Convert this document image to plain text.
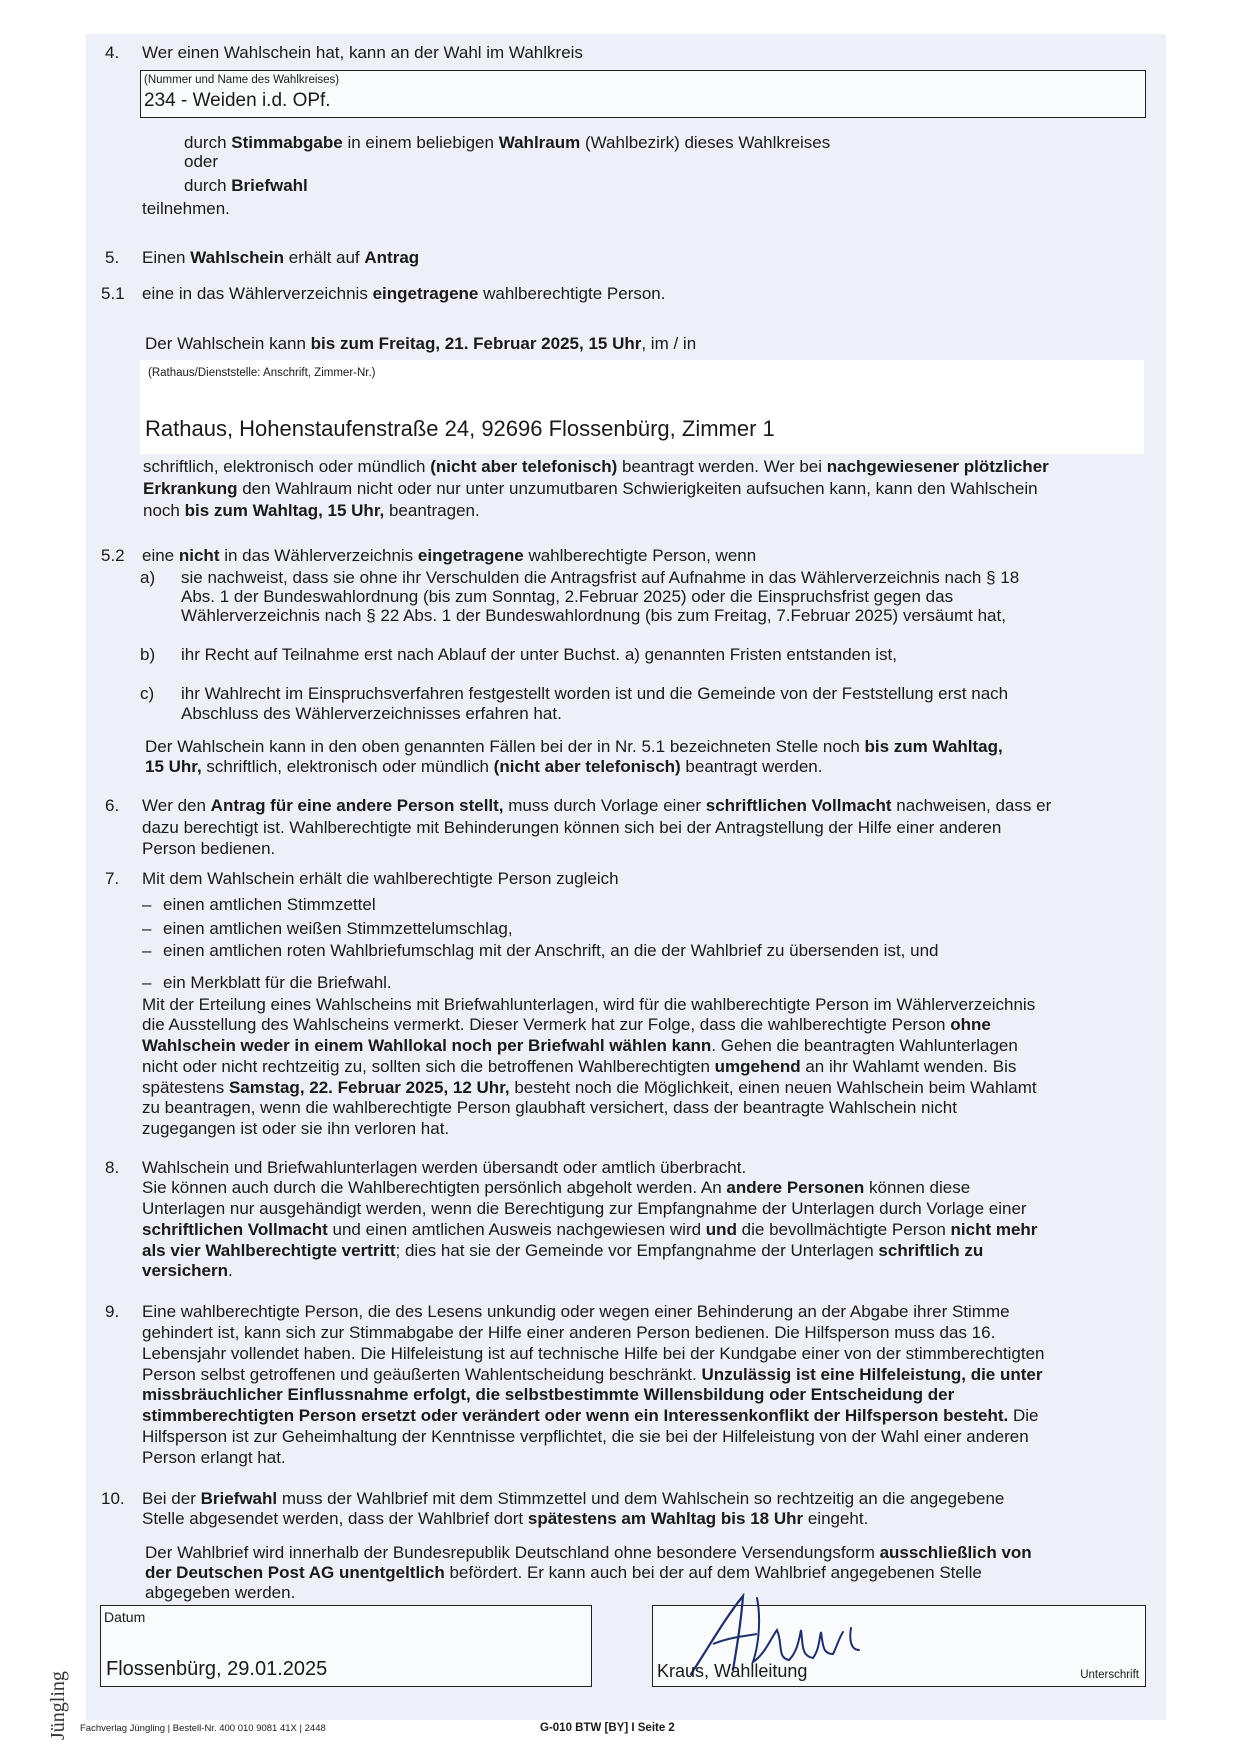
4. Wer einen Wahlschein hat, kann an der Wahl im Wahlkreis
(Nummer und Name des Wahlkreises)
234 - Weiden i.d. OPf.
durch Stimmabgabe in einem beliebigen Wahlraum (Wahlbezirk) dieses Wahlkreises
oder
durch Briefwahl
teilnehmen.
5. Einen Wahlschein erhält auf Antrag
5.1 eine in das Wählerverzeichnis eingetragene wahlberechtigte Person.
Der Wahlschein kann bis zum Freitag, 21. Februar 2025, 15 Uhr, im / in
(Rathaus/Dienststelle: Anschrift, Zimmer-Nr.)
Rathaus, Hohenstaufenstraße 24, 92696 Flossenbürg, Zimmer 1
schriftlich, elektronisch oder mündlich (nicht aber telefonisch) beantragt werden. Wer bei nachgewiesener plötzlicher
Erkrankung den Wahlraum nicht oder nur unter unzumutbaren Schwierigkeiten aufsuchen kann, kann den Wahlschein
noch bis zum Wahltag, 15 Uhr, beantragen.
5.2 eine nicht in das Wählerverzeichnis eingetragene wahlberechtigte Person, wenn
a) sie nachweist, dass sie ohne ihr Verschulden die Antragsfrist auf Aufnahme in das Wählerverzeichnis nach § 18
Abs. 1 der Bundeswahlordnung (bis zum Sonntag, 2.Februar 2025) oder die Einspruchsfrist gegen das
Wählerverzeichnis nach § 22 Abs. 1 der Bundeswahlordnung (bis zum Freitag, 7.Februar 2025) versäumt hat,
b) ihr Recht auf Teilnahme erst nach Ablauf der unter Buchst. a) genannten Fristen entstanden ist,
c) ihr Wahlrecht im Einspruchsverfahren festgestellt worden ist und die Gemeinde von der Feststellung erst nach
Abschluss des Wählerverzeichnisses erfahren hat.
Der Wahlschein kann in den oben genannten Fällen bei der in Nr. 5.1 bezeichneten Stelle noch bis zum Wahltag,
15 Uhr, schriftlich, elektronisch oder mündlich (nicht aber telefonisch) beantragt werden.
6. Wer den Antrag für eine andere Person stellt, muss durch Vorlage einer schriftlichen Vollmacht nachweisen, dass er
dazu berechtigt ist. Wahlberechtigte mit Behinderungen können sich bei der Antragstellung der Hilfe einer anderen
Person bedienen.
7. Mit dem Wahlschein erhält die wahlberechtigte Person zugleich
– einen amtlichen Stimmzettel
– einen amtlichen weißen Stimmzettelumschlag,
– einen amtlichen roten Wahlbriefumschlag mit der Anschrift, an die der Wahlbrief zu übersenden ist, und
– ein Merkblatt für die Briefwahl.
Mit der Erteilung eines Wahlscheins mit Briefwahlunterlagen, wird für die wahlberechtigte Person im Wählerverzeichnis
die Ausstellung des Wahlscheins vermerkt. Dieser Vermerk hat zur Folge, dass die wahlberechtigte Person ohne
Wahlschein weder in einem Wahllokal noch per Briefwahl wählen kann. Gehen die beantragten Wahlunterlagen
nicht oder nicht rechtzeitig zu, sollten sich die betroffenen Wahlberechtigten umgehend an ihr Wahlamt wenden. Bis
spätestens Samstag, 22. Februar 2025, 12 Uhr, besteht noch die Möglichkeit, einen neuen Wahlschein beim Wahlamt
zu beantragen, wenn die wahlberechtigte Person glaubhaft versichert, dass der beantragte Wahlschein nicht
zugegangen ist oder sie ihn verloren hat.
8. Wahlschein und Briefwahlunterlagen werden übersandt oder amtlich überbracht.
Sie können auch durch die Wahlberechtigten persönlich abgeholt werden. An andere Personen können diese
Unterlagen nur ausgehändigt werden, wenn die Berechtigung zur Empfangnahme der Unterlagen durch Vorlage einer
schriftlichen Vollmacht und einen amtlichen Ausweis nachgewiesen wird und die bevollmächtigte Person nicht mehr
als vier Wahlberechtigte vertritt; dies hat sie der Gemeinde vor Empfangnahme der Unterlagen schriftlich zu
versichern.
9. Eine wahlberechtigte Person, die des Lesens unkundig oder wegen einer Behinderung an der Abgabe ihrer Stimme
gehindert ist, kann sich zur Stimmabgabe der Hilfe einer anderen Person bedienen. Die Hilfsperson muss das 16.
Lebensjahr vollendet haben. Die Hilfeleistung ist auf technische Hilfe bei der Kundgabe einer von der stimmberechtigten
Person selbst getroffenen und geäußerten Wahlentscheidung beschränkt. Unzulässig ist eine Hilfeleistung, die unter
missbräuchlicher Einflussnahme erfolgt, die selbstbestimmte Willensbildung oder Entscheidung der
stimmberechtigten Person ersetzt oder verändert oder wenn ein Interessenkonflikt der Hilfsperson besteht. Die
Hilfsperson ist zur Geheimhaltung der Kenntnisse verpflichtet, die sie bei der Hilfeleistung von der Wahl einer anderen
Person erlangt hat.
10. Bei der Briefwahl muss der Wahlbrief mit dem Stimmzettel und dem Wahlschein so rechtzeitig an die angegebene
Stelle abgesendet werden, dass der Wahlbrief dort spätestens am Wahltag bis 18 Uhr eingeht.
Der Wahlbrief wird innerhalb der Bundesrepublik Deutschland ohne besondere Versendungsform ausschließlich von
der Deutschen Post AG unentgeltlich befördert. Er kann auch bei der auf dem Wahlbrief angegebenen Stelle
abgegeben werden.
Datum
Flossenbürg, 29.01.2025	Kraus, Wahlleitung	Unterschrift
Jüngling Fachverlag Jüngling | Bestell-Nr. 400 010 9081 41X | 2448	G-010 BTW [BY] I Seite 2
